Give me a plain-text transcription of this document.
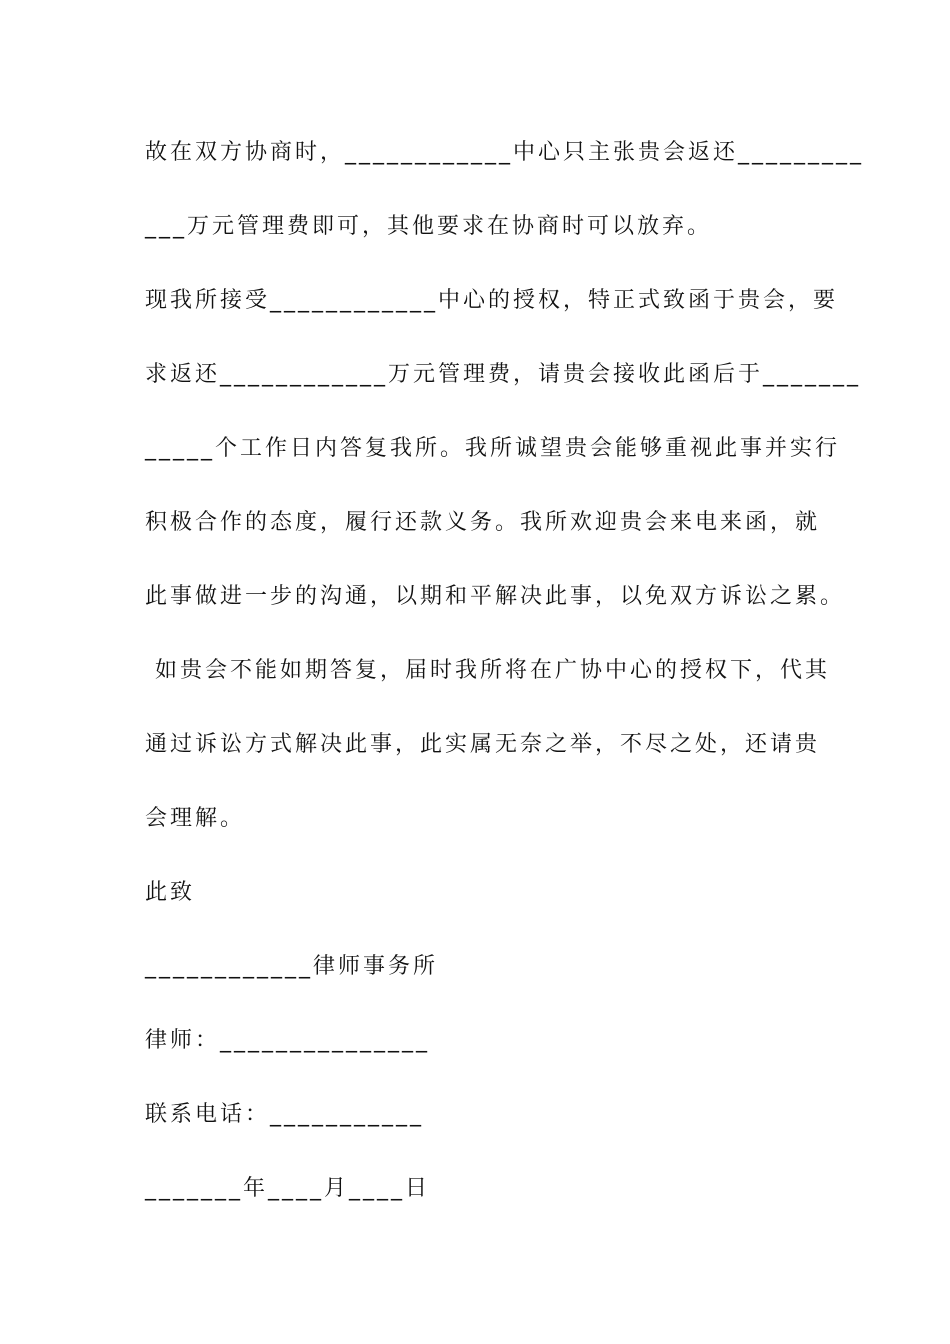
故在双方协商时，____________中心只主张贵会返还_________

___万元管理费即可，其他要求在协商时可以放弃。

现我所接受____________中心的授权，特正式致函于贵会，要

求返还____________万元管理费，请贵会接收此函后于_______

_____个工作日内答复我所。我所诚望贵会能够重视此事并实行

积极合作的态度，履行还款义务。我所欢迎贵会来电来函，就

此事做进一步的沟通，以期和平解决此事，以免双方诉讼之累。

如贵会不能如期答复，届时我所将在广协中心的授权下，代其

通过诉讼方式解决此事，此实属无奈之举，不尽之处，还请贵

会理解。

此致

____________律师事务所

律师：_______________

联系电话：___________

_______年____月____日
